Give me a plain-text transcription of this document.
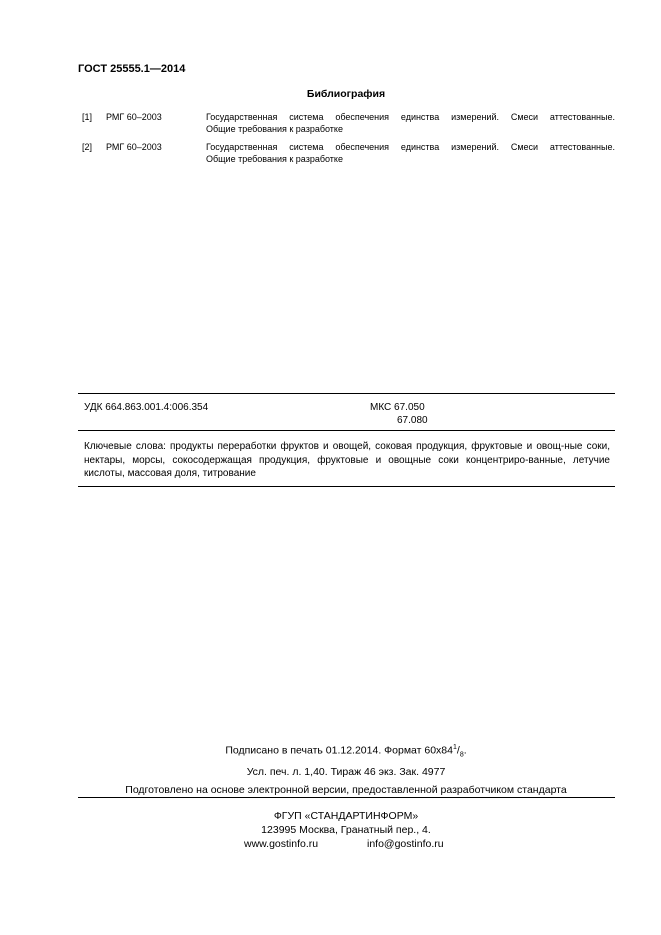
ГОСТ 25555.1—2014
Библиография
[1] РМГ 60–2003	Государственная система обеспечения единства измерений. Смеси аттестованные.
Общие требования к разработке
[2] РМГ 60–2003	Государственная система обеспечения единства измерений. Смеси аттестованные.
Общие требования к разработке
УДК 664.863.001.4:006.354	МКС 67.050
67.080
Ключевые слова: продукты переработки фруктов и овощей, соковая продукция, фруктовые и овощ-ные соки, нектары, морсы, сокосодержащая продукция, фруктовые и овощные соки концентриро-ванные, летучие кислоты, массовая доля, титрование
Подписано в печать 01.12.2014. Формат $60x84^1/_8$.
Усл. печ. л. 1,40. Тираж 46 экз. Зак. 4977
Подготовлено на основе электронной версии, предоставленной разработчиком стандарта
ФГУП «СТАНДАРТИНФОРМ»
123995 Москва, Гранатный пер., 4.
www.gostinfo.ru	info@gostinfo.ru
